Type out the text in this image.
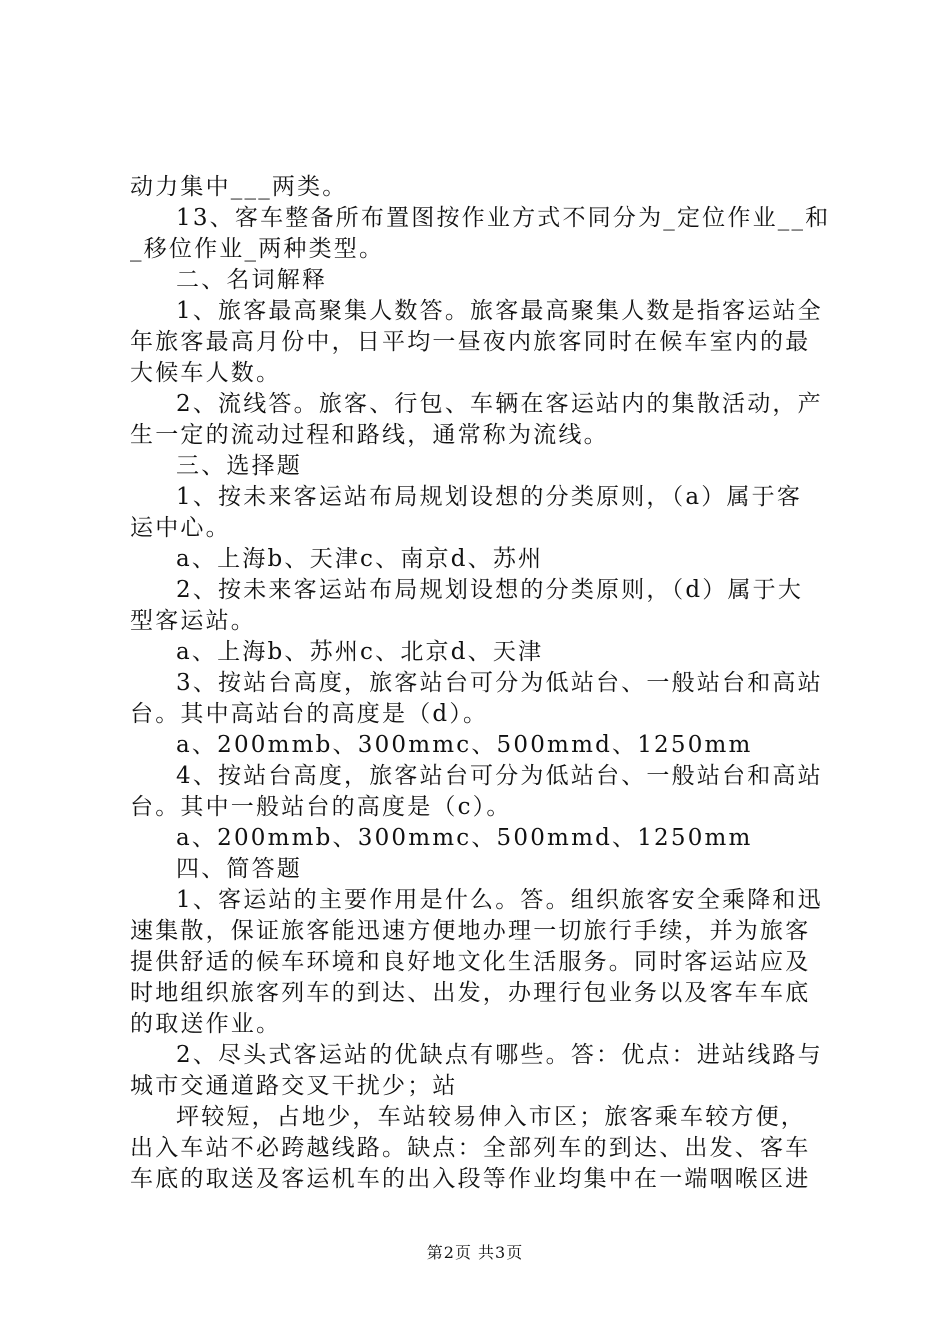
动力集中___两类。
13、客车整备所布置图按作业方式不同分为_定位作业__和
_移位作业_两种类型。
二、名词解释
1、旅客最高聚集人数答。旅客最高聚集人数是指客运站全
年旅客最高月份中，日平均一昼夜内旅客同时在候车室内的最
大候车人数。
2、流线答。旅客、行包、车辆在客运站内的集散活动，产
生一定的流动过程和路线，通常称为流线。
三、选择题
1、按未来客运站布局规划设想的分类原则，（a）属于客
运中心。
a、上海b、天津c、南京d、苏州
2、按未来客运站布局规划设想的分类原则，（d）属于大
型客运站。
a、上海b、苏州c、北京d、天津
3、按站台高度，旅客站台可分为低站台、一般站台和高站
台。其中高站台的高度是（d）。
a、200mmb、300mmc、500mmd、1250mm
4、按站台高度，旅客站台可分为低站台、一般站台和高站
台。其中一般站台的高度是（c）。
a、200mmb、300mmc、500mmd、1250mm
四、简答题
1、客运站的主要作用是什么。答。组织旅客安全乘降和迅
速集散，保证旅客能迅速方便地办理一切旅行手续，并为旅客
提供舒适的候车环境和良好地文化生活服务。同时客运站应及
时地组织旅客列车的到达、出发，办理行包业务以及客车车底
的取送作业。
2、尽头式客运站的优缺点有哪些。答：优点：进站线路与
城市交通道路交叉干扰少；站
坪较短，占地少，车站较易伸入市区；旅客乘车较方便，
出入车站不必跨越线路。缺点：全部列车的到达、出发、客车
车底的取送及客运机车的出入段等作业均集中在一端咽喉区进
第2页 共3页
